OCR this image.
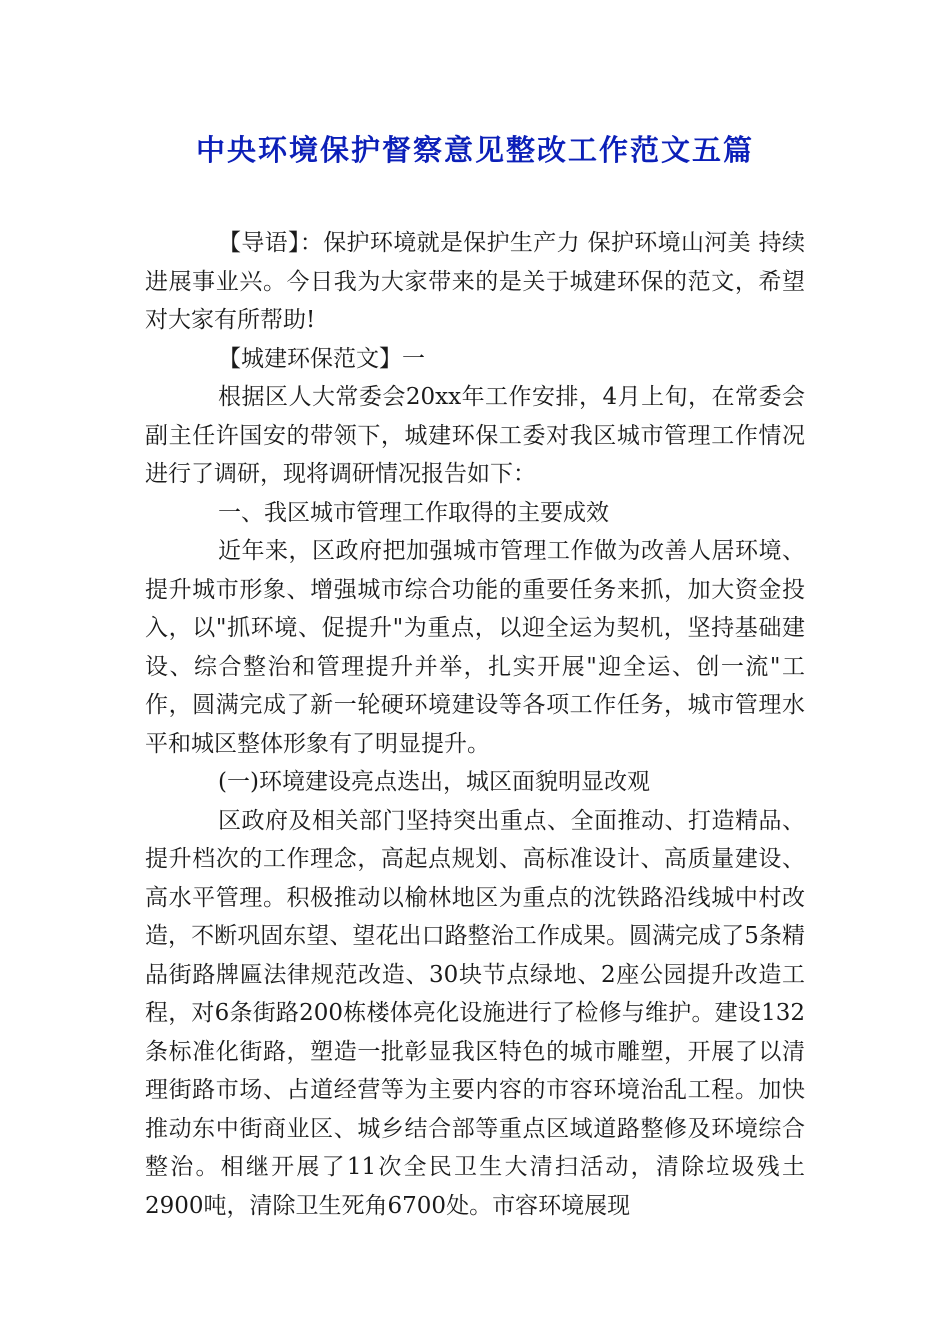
中央环境保护督察意见整改工作范文五篇

【导语】：保护环境就是保护生产力 保护环境山河美 持续进展事业兴。今日我为大家带来的是关于城建环保的范文，希望对大家有所帮助!

【城建环保范文】一

根据区人大常委会20xx年工作安排，4月上旬，在常委会副主任许国安的带领下，城建环保工委对我区城市管理工作情况进行了调研，现将调研情况报告如下：

一、我区城市管理工作取得的主要成效

近年来，区政府把加强城市管理工作做为改善人居环境、提升城市形象、增强城市综合功能的重要任务来抓，加大资金投入，以"抓环境、促提升"为重点，以迎全运为契机，坚持基础建设、综合整治和管理提升并举，扎实开展"迎全运、创一流"工作，圆满完成了新一轮硬环境建设等各项工作任务，城市管理水平和城区整体形象有了明显提升。

(一)环境建设亮点迭出，城区面貌明显改观

区政府及相关部门坚持突出重点、全面推动、打造精品、提升档次的工作理念，高起点规划、高标准设计、高质量建设、高水平管理。积极推动以榆林地区为重点的沈铁路沿线城中村改造，不断巩固东望、望花出口路整治工作成果。圆满完成了5条精品街路牌匾法律规范改造、30块节点绿地、2座公园提升改造工程，对6条街路200栋楼体亮化设施进行了检修与维护。建设132条标准化街路，塑造一批彰显我区特色的城市雕塑，开展了以清理街路市场、占道经营等为主要内容的市容环境治乱工程。加快推动东中街商业区、城乡结合部等重点区域道路整修及环境综合整治。相继开展了11次全民卫生大清扫活动，清除垃圾残土2900吨，清除卫生死角6700处。市容环境展现
